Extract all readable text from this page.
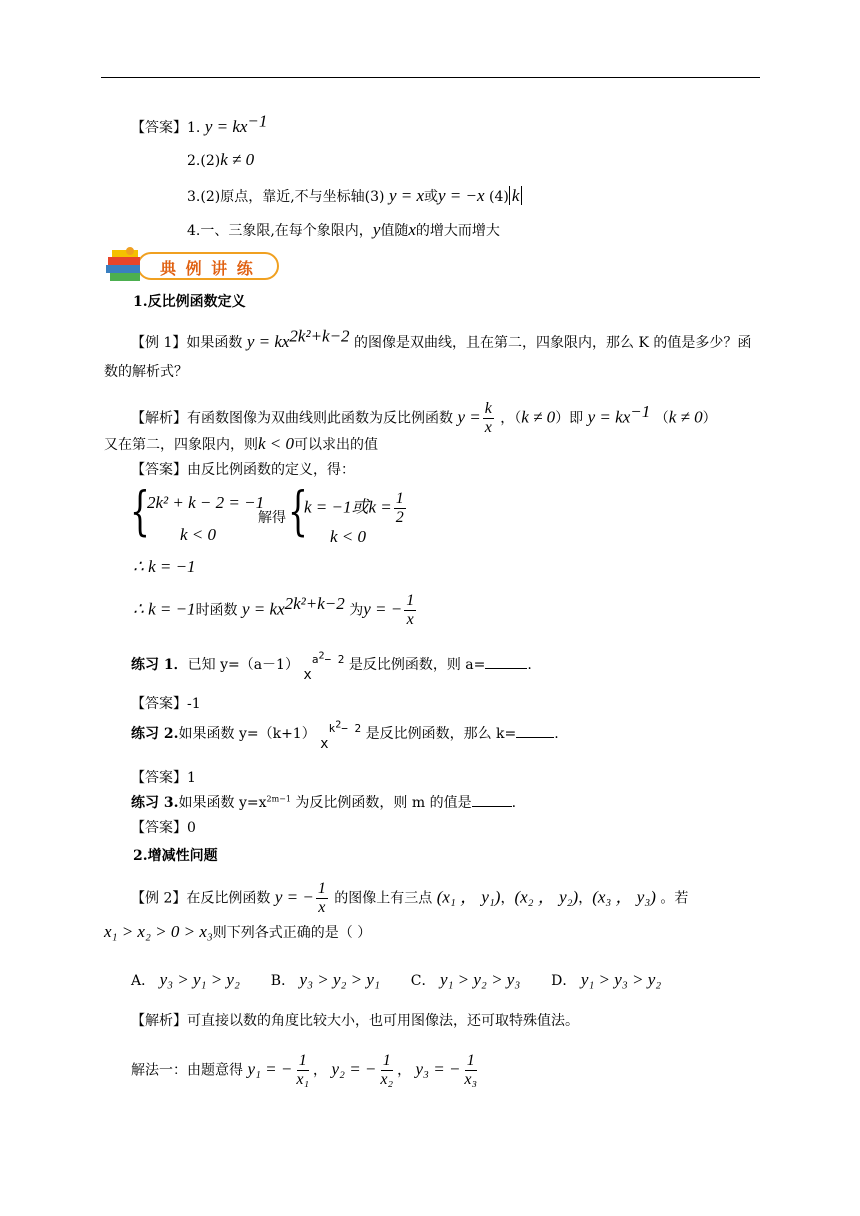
【答案】1. $y = kx^{-1}$
2.(2)k ≠ 0
3.(2)原点，靠近,不与坐标轴(3) y = x或y = −x (4) k
4.一、三象限,在每个象限内，y值随x的增大而增大
典 例 讲 练
1.反比例函数定义
【例 1】如果函数 $y = kx^{2k^2+k-2}$ 的图像是双曲线，且在第二，四象限内，那么 K 的值是多少？函
数的解析式？
【解析】有函数图像为双曲线则此函数为反比例函数 $y = \frac{k}{x}$ ，（k ≠ 0）即 $y = kx^{-1}$ （k ≠ 0）
又在第二，四象限内，则k < 0可以求出的值
【答案】由反比例函数的定义，得：
{
2k² + k − 2 = −1
k < 0
解得 {
k = −1或$k = \frac{1}{2}$
k < 0
∴ k = −1
∴ k = −1时函数 $y = kx^{2k^2+k-2}$ 为y = − $\frac{1}{x}$
练习 1．已知 y=（a－1） $x^{a^2- 2}$ 是反比例函数，则 a=	.
【答案】-1
练习 2.如果函数 y=（k+1） $x^{k^2- 2}$ 是反比例函数，那么 k=	.
【答案】1
练习 3.如果函数 $y=x^{2m-1}$ 为反比例函数，则 m 的值是	.
【答案】0
2.增减性问题
【例 2】在反比例函数 y = − $\frac{1}{x}$ 的图像上有三点 (x₁ ， y₁)，(x₂ ， y₂)，(x₃ ， y₃) 。若
x₁ > x₂ > 0 > x₃则下列各式正确的是（ ）
A． y₃ > y₁ > y₂ B． y₃ > y₂ > y₁ C． y₁ > y₂ > y₃ D． y₁ > y₃ > y₂
【解析】可直接以数的角度比较大小，也可用图像法，还可取特殊值法。
解法一：由题意得 y₁ = − $\frac{1}{\text{x₁}}$ ， y₂ = − $\frac{1}{\text{x₂}}$ ， y₃ = − $\frac{1}{\text{x₃}}$
